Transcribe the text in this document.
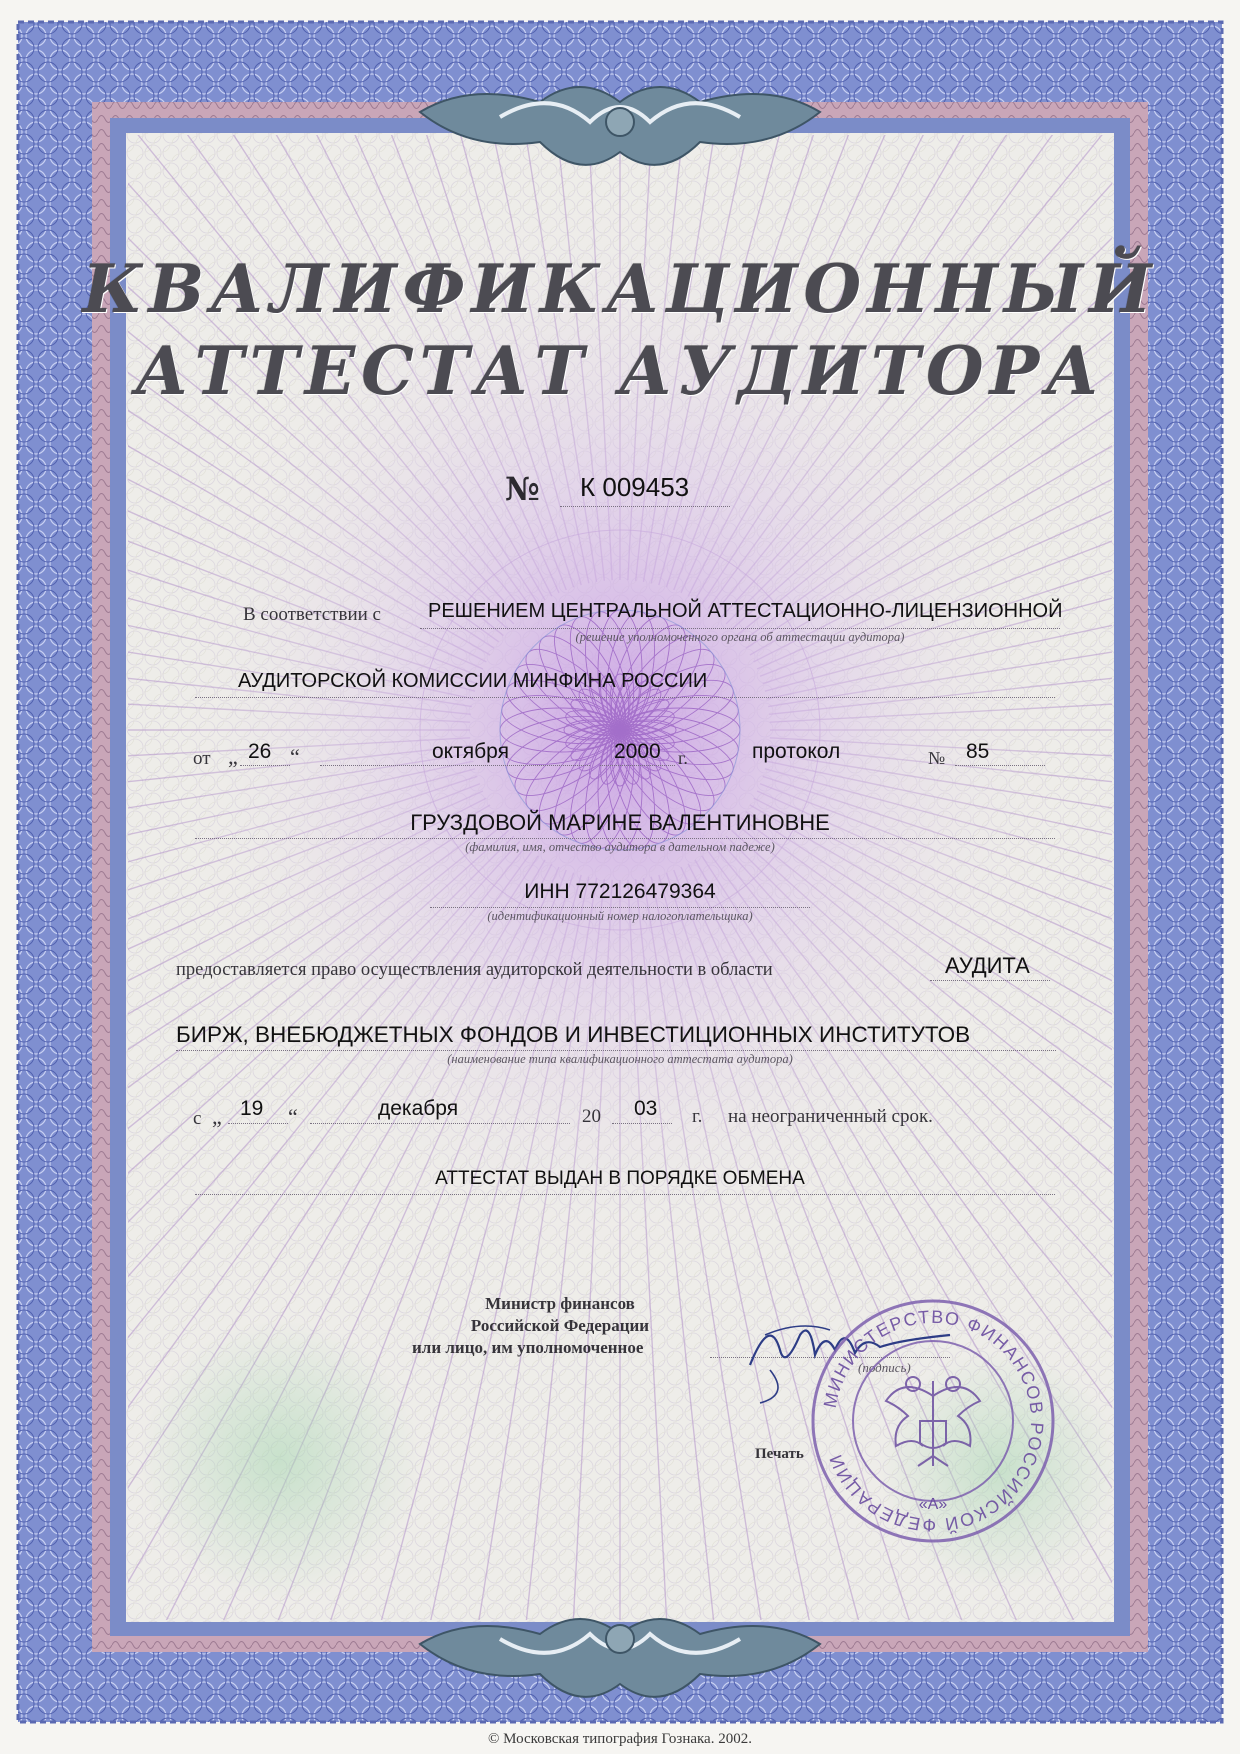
КВАЛИФИКАЦИОННЫЙ
АТТЕСТАТ АУДИТОРА
№ К 009453
В соответствии с РЕШЕНИЕМ ЦЕНТРАЛЬНОЙ АТТЕСТАЦИОННО-ЛИЦЕНЗИОННОЙ
(решение уполномоченного органа об аттестации аудитора)
АУДИТОРСКОЙ КОМИССИИ МИНФИНА РОССИИ
от „ 26 “	октября	2000 г.	протокол	№ 85
ГРУЗДОВОЙ МАРИНЕ ВАЛЕНТИНОВНЕ
(фамилия, имя, отчество аудитора в дательном падеже)
ИНН 772126479364
(идентификационный номер налогоплательщика)
предоставляется право осуществления аудиторской деятельности в области	АУДИТА
БИРЖ, ВНЕБЮДЖЕТНЫХ ФОНДОВ И ИНВЕСТИЦИОННЫХ ИНСТИТУТОВ
(наименование типа квалификационного аттестата аудитора)
с „ 19 “	декабря	20 03 г. на неограниченный срок.
АТТЕСТАТ ВЫДАН В ПОРЯДКЕ ОБМЕНА
Министр финансов
Российской Федерации
или лицо, им уполномоченное
(подпись)
Печать
МИНИСТЕРСТВО ФИНАНСОВ РОССИЙСКОЙ ФЕДЕРАЦИИ
«А»
© Московская типография Гознака. 2002.
